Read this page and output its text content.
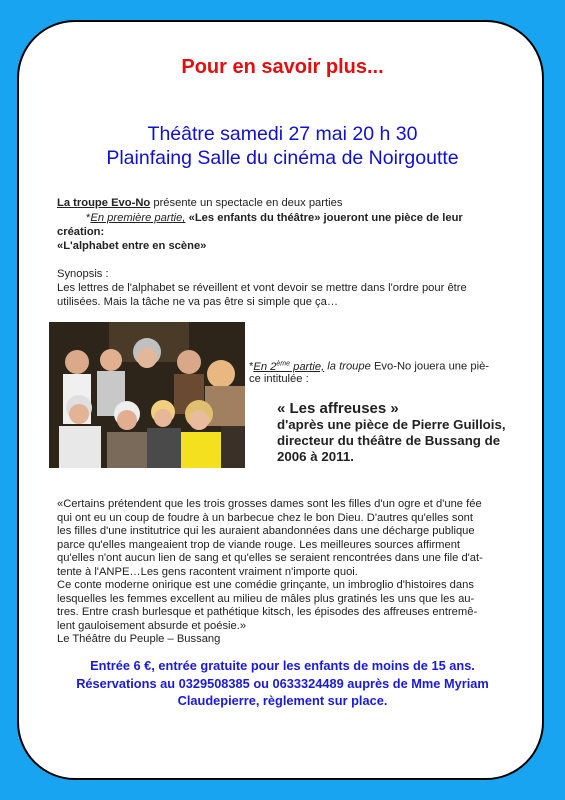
Pour en savoir plus...
Théâtre samedi 27 mai 20 h 30
Plainfaing Salle du cinéma de Noirgoutte
La troupe Evo-No présente un spectacle en deux parties
*En première partie, «Les enfants du théâtre» joueront une pièce de leur
création:
«L'alphabet entre en scène»
Synopsis :
Les lettres de l'alphabet se réveillent et vont devoir se mettre dans l'ordre pour être
utilisées. Mais la tâche ne va pas être si simple que ça…
*En 2ème partie, la troupe Evo-No jouera une piè-
ce intitulée :
« Les affreuses »
d'après une pièce de Pierre Guillois,
directeur du théâtre de Bussang de
2006 à 2011.
«Certains prétendent que les trois grosses dames sont les filles d'un ogre et d'une fée
qui ont eu un coup de foudre à un barbecue chez le bon Dieu. D'autres qu'elles sont
les filles d'une institutrice qui les auraient abandonnées dans une décharge publique
parce qu'elles mangeaient trop de viande rouge. Les meilleures sources affirment
qu'elles n'ont aucun lien de sang et qu'elles se seraient rencontrées dans une file d'at-
tente à l'ANPE…Les gens racontent vraiment n'importe quoi.
Ce conte moderne onirique est une comédie grinçante, un imbroglio d'histoires dans
lesquelles les femmes excellent au milieu de mâles plus gratinés les uns que les au-
tres. Entre crash burlesque et pathétique kitsch, les épisodes des affreuses entremê-
lent gauloisement absurde et poésie.»
Le Théâtre du Peuple – Bussang
Entrée 6 €, entrée gratuite pour les enfants de moins de 15 ans.
Réservations au 0329508385 ou 0633324489 auprès de Mme Myriam
Claudepierre, règlement sur place.
